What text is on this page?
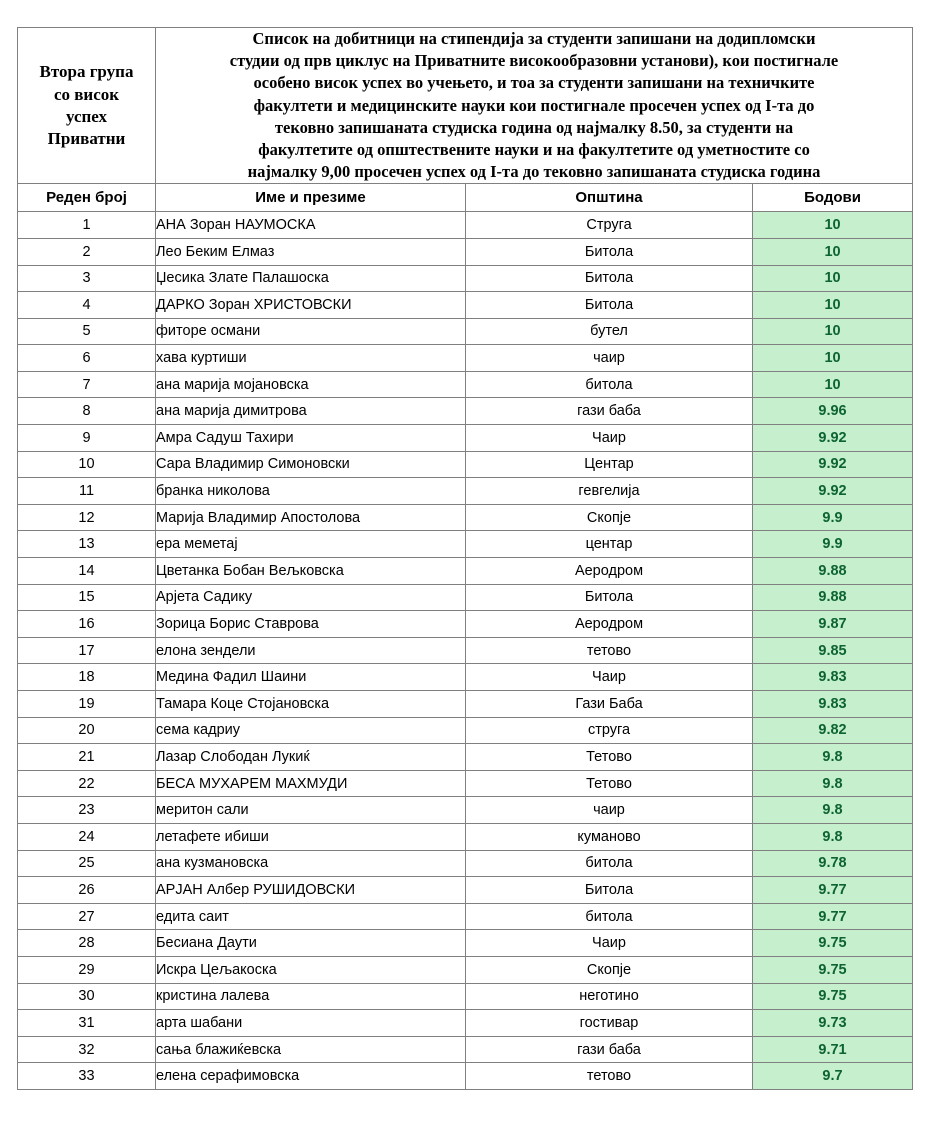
Втора група
со висок
успех
Приватни

Список на добитници на стипендија за студенти запишани на додипломски
студии од прв циклус на Приватните високообразовни установи), кои постигнале
особено висок успех во учењето, и тоа за студенти запишани на техничките
факултети и медицинските науки кои постигнале просечен успех од I-та до
тековно запишаната студиска година од најмалку 8.50, за студенти на
факултетите од општествените науки и на факултетите од уметностите со
најмалку 9,00 просечен успех од I-та до тековно запишаната студиска година

Реден број	Име и презиме	Општина	Бодови
1	АНА Зоран НАУМОСКА	Струга	10
2	Лео Беким Елмаз	Битола	10
3	Џесика Злате Палашоска	Битола	10
4	ДАРКО Зоран ХРИСТОВСКИ	Битола	10
5	фиторе османи	бутел	10
6	хава куртиши	чаир	10
7	ана марија мојановска	битола	10
8	ана марија димитрова	гази баба	9.96
9	Амра Садуш Тахири	Чаир	9.92
10	Сара Владимир Симоновски	Центар	9.92
11	бранка николова	гевгелија	9.92
12	Марија Владимир Апостолова	Скопје	9.9
13	ера меметај	центар	9.9
14	Цветанка Бобан Вељковска	Аеродром	9.88
15	Арјета Садику	Битола	9.88
16	Зорица Борис Ставрова	Аеродром	9.87
17	елона зендели	тетово	9.85
18	Медина Фадил Шаини	Чаир	9.83
19	Тамара Коце Стојановска	Гази Баба	9.83
20	сема кадриу	струга	9.82
21	Лазар Слободан Лукиќ	Тетово	9.8
22	БЕСА МУХАРЕМ МАХМУДИ	Тетово	9.8
23	меритон сали	чаир	9.8
24	летафете ибиши	куманово	9.8
25	ана кузмановска	битола	9.78
26	АРЈАН Албер РУШИДОВСКИ	Битола	9.77
27	едита саит	битола	9.77
28	Бесиана Даути	Чаир	9.75
29	Искра Цељакоска	Скопје	9.75
30	кристина лалева	неготино	9.75
31	арта шабани	гостивар	9.73
32	сања блажиќевска	гази баба	9.71
33	елена серафимовска	тетово	9.7
